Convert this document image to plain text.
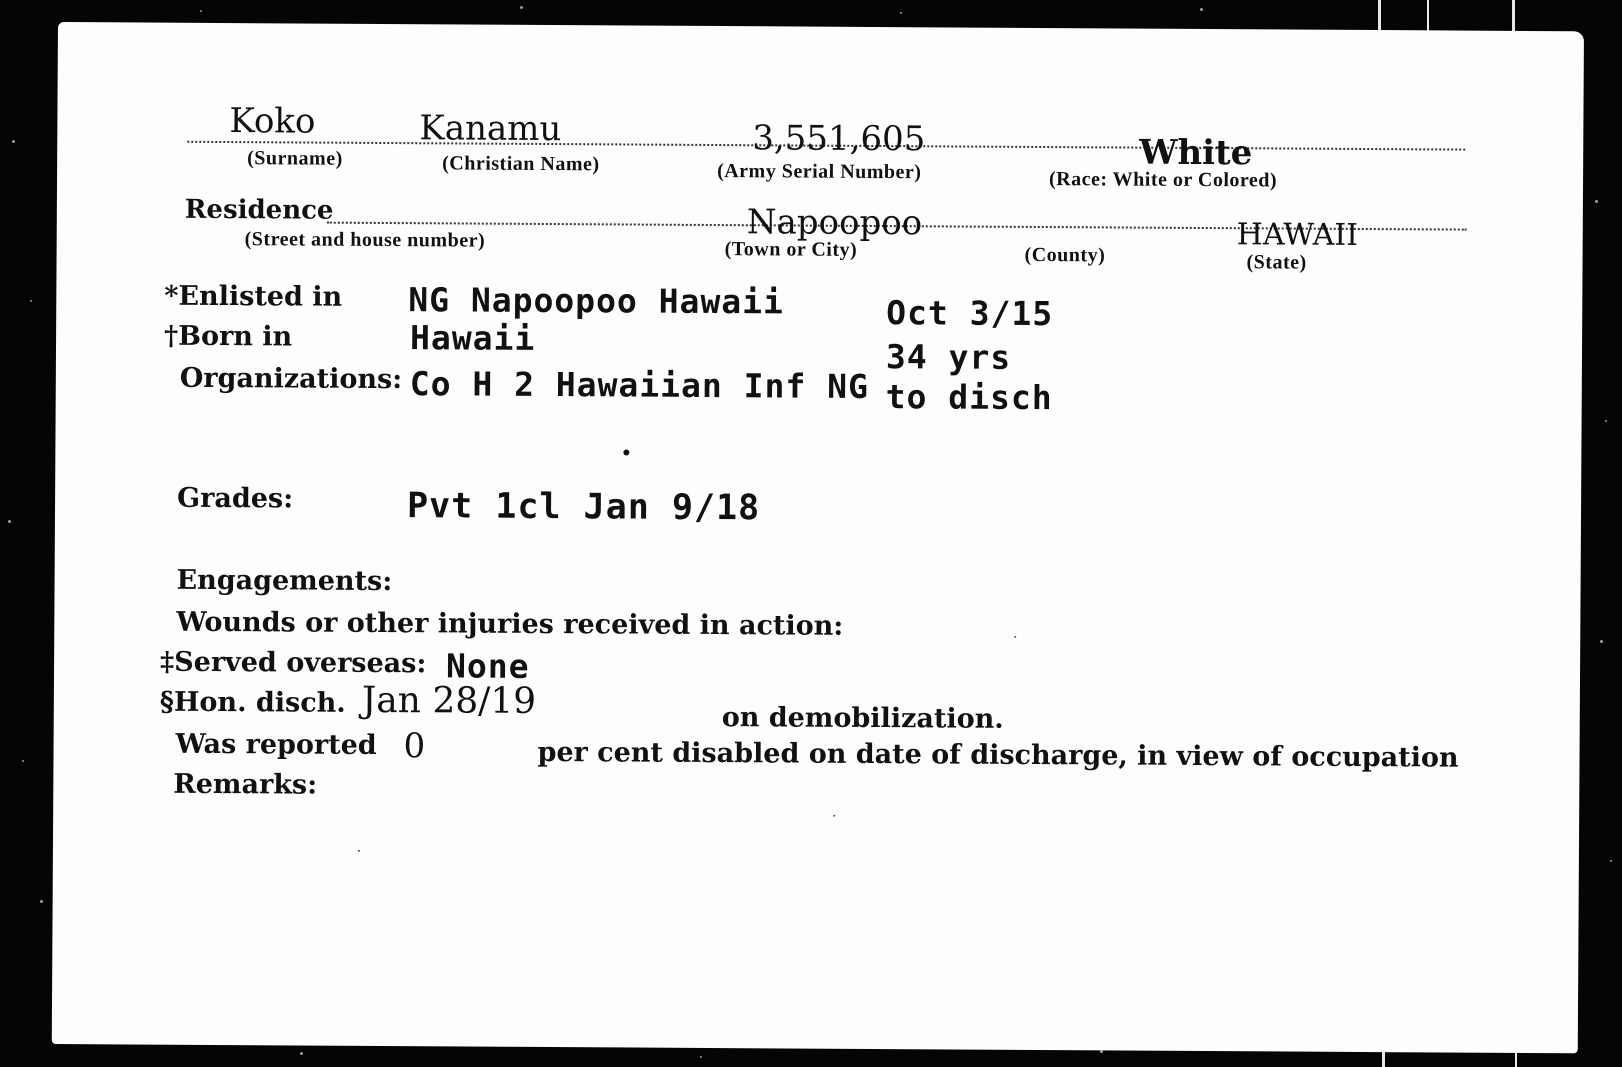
Koko
(Surname)
Kanamu
(Christian Name)
3,551,605
(Army Serial Number)	White
(Race: White or Colored)
Residence
(Street and house number)	Napoopoo
(Town or City)	(County)
HAWAII
(State)
*Enlisted in NG Napoopoo Hawaii	Oct 3/15
†Born in	Hawaii	34 yrs
Organizations: Co H 2 Hawaiian Inf NG to disch
Grades:	Pvt 1cl Jan 9/18
Engagements:
Wounds or other injuries received in action:
‡Served overseas: None
§Hon. disch. Jan 28/19	on demobilization.
Was reported 0	per cent disabled on date of discharge, in view of occupation
Remarks:
